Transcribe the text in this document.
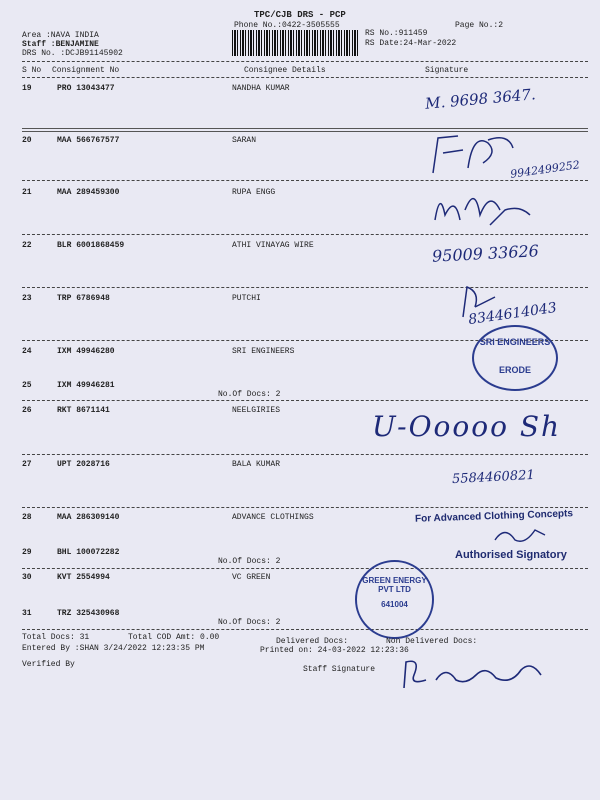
TPC/CJB DRS - PCP
Phone No.:0422-3505555	Page No.:2
Area :NAVA INDIA
Staff :BENJAMINE
DRS No. :DCJB91145902
RS No.:911459
RS Date:24-Mar-2022
S No Consignment No	Consignee Details	Signature
19	PRO 13043477	NANDHA KUMAR
20	MAA 566767577	SARAN
21	MAA 289459300	RUPA ENGG
22	BLR 6001868459	ATHI VINAYAG WIRE
23	TRP 6786948	PUTCHI
24	IXM 49946280	SRI ENGINEERS
25	IXM 49946281
No.Of Docs: 2
26	RKT 8671141	NEELGIRIES
27	UPT 2028716	BALA KUMAR
28	MAA 286309140	ADVANCE CLOTHINGS
29	BHL 100072282
No.Of Docs: 2
30	KVT 2554994	VC GREEN
31	TRZ 325430968
No.Of Docs: 2
M. 9698 3647.
9942499252
95009 33626
8344614043
SRI ENGINEERS
ERODE
U-Ooooo Sh
5584460821
For Advanced Clothing Concepts
Authorised Signatory
GREEN ENERGY PVT LTD
641004
Total Docs: 31	Total COD Amt: 0.00	Delivered Docs:	Non Delivered Docs:
Entered By :SHAN 3/24/2022 12:23:35 PM	Printed on: 24-03-2022 12:23:36
Verified By
Staff Signature
